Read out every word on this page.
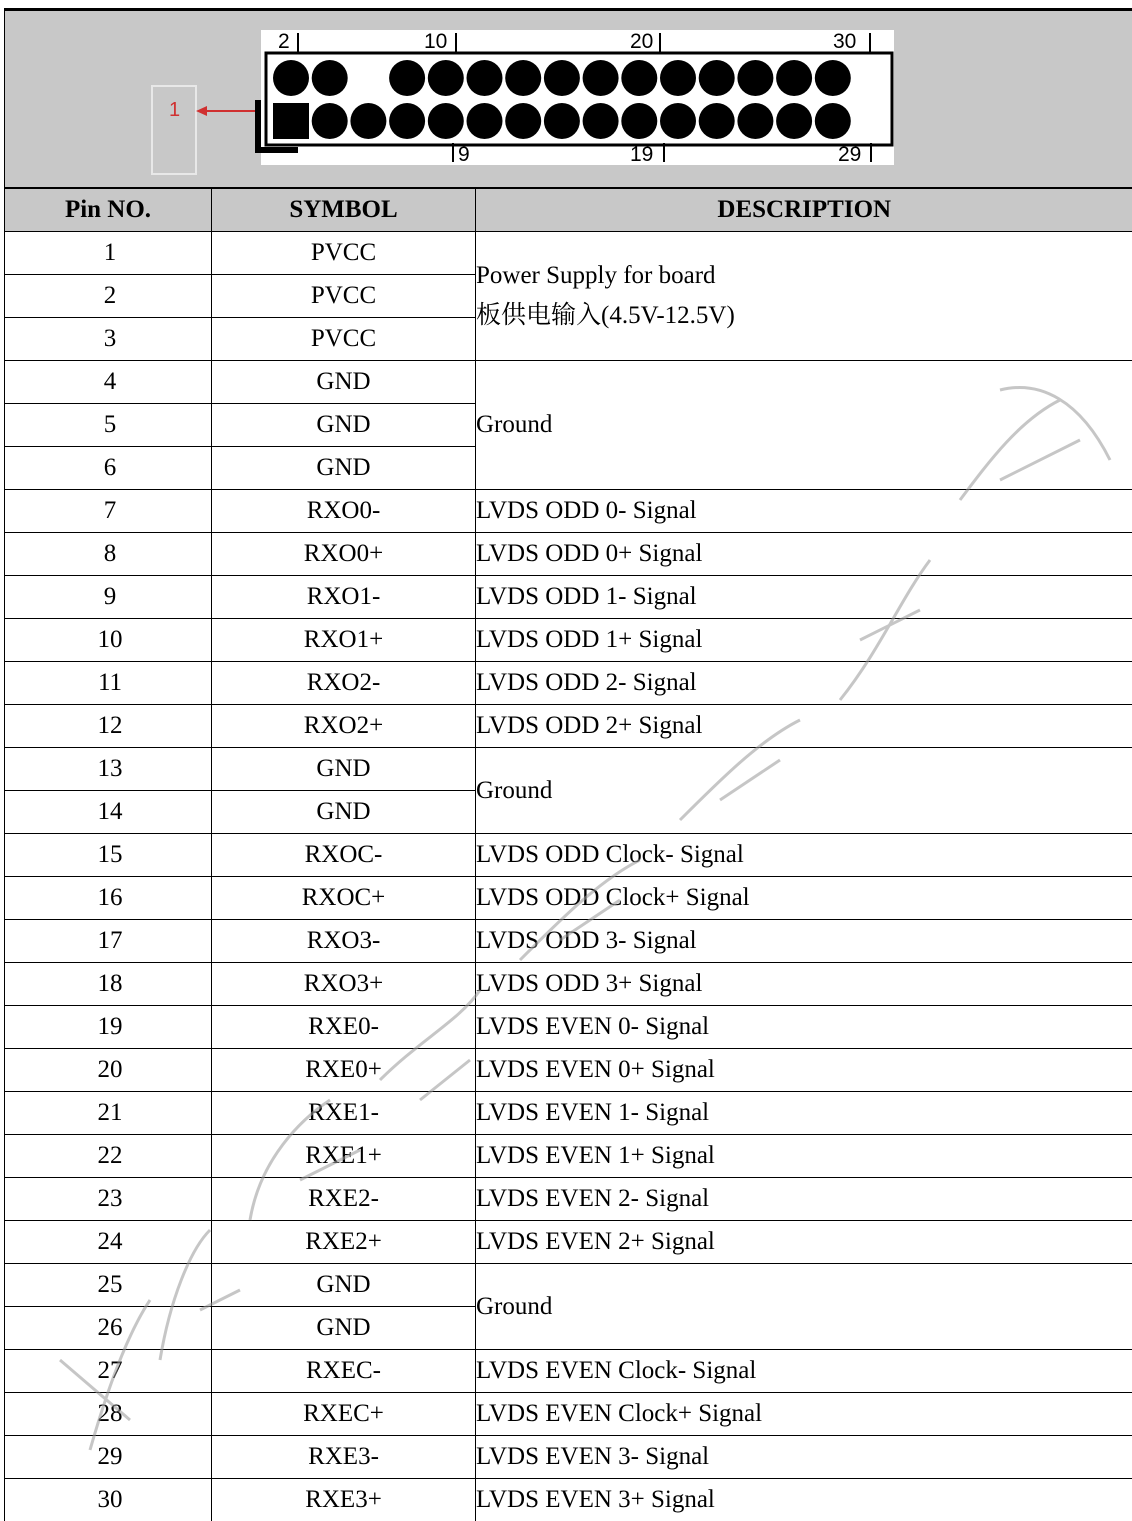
1
2	10	20	30
9	19	29
Pin NO.	SYMBOL	DESCRIPTION
1	PVCC	Power Supply for board
板供电输入(4.5V-12.5V)

2	PVCC	
3	PVCC	
4	GND	Ground

5	GND	
6	GND	
7	RXO0-	LVDS ODD 0- Signal

8	RXO0+	LVDS ODD 0+ Signal

9	RXO1-	LVDS ODD 1- Signal

10	RXO1+	LVDS ODD 1+ Signal

11	RXO2-	LVDS ODD 2- Signal

12	RXO2+	LVDS ODD 2+ Signal

13	GND	Ground

14	GND	
15	RXOC-	LVDS ODD Clock- Signal

16	RXOC+	LVDS ODD Clock+ Signal

17	RXO3-	LVDS ODD 3- Signal

18	RXO3+	LVDS ODD 3+ Signal

19	RXE0-	LVDS EVEN 0- Signal

20	RXE0+	LVDS EVEN 0+ Signal

21	RXE1-	LVDS EVEN 1- Signal

22	RXE1+	LVDS EVEN 1+ Signal

23	RXE2-	LVDS EVEN 2- Signal

24	RXE2+	LVDS EVEN 2+ Signal

25	GND	Ground

26	GND	
27	RXEC-	LVDS EVEN Clock- Signal

28	RXEC+	LVDS EVEN Clock+ Signal

29	RXE3-	LVDS EVEN 3- Signal

30	RXE3+	LVDS EVEN 3+ Signal
